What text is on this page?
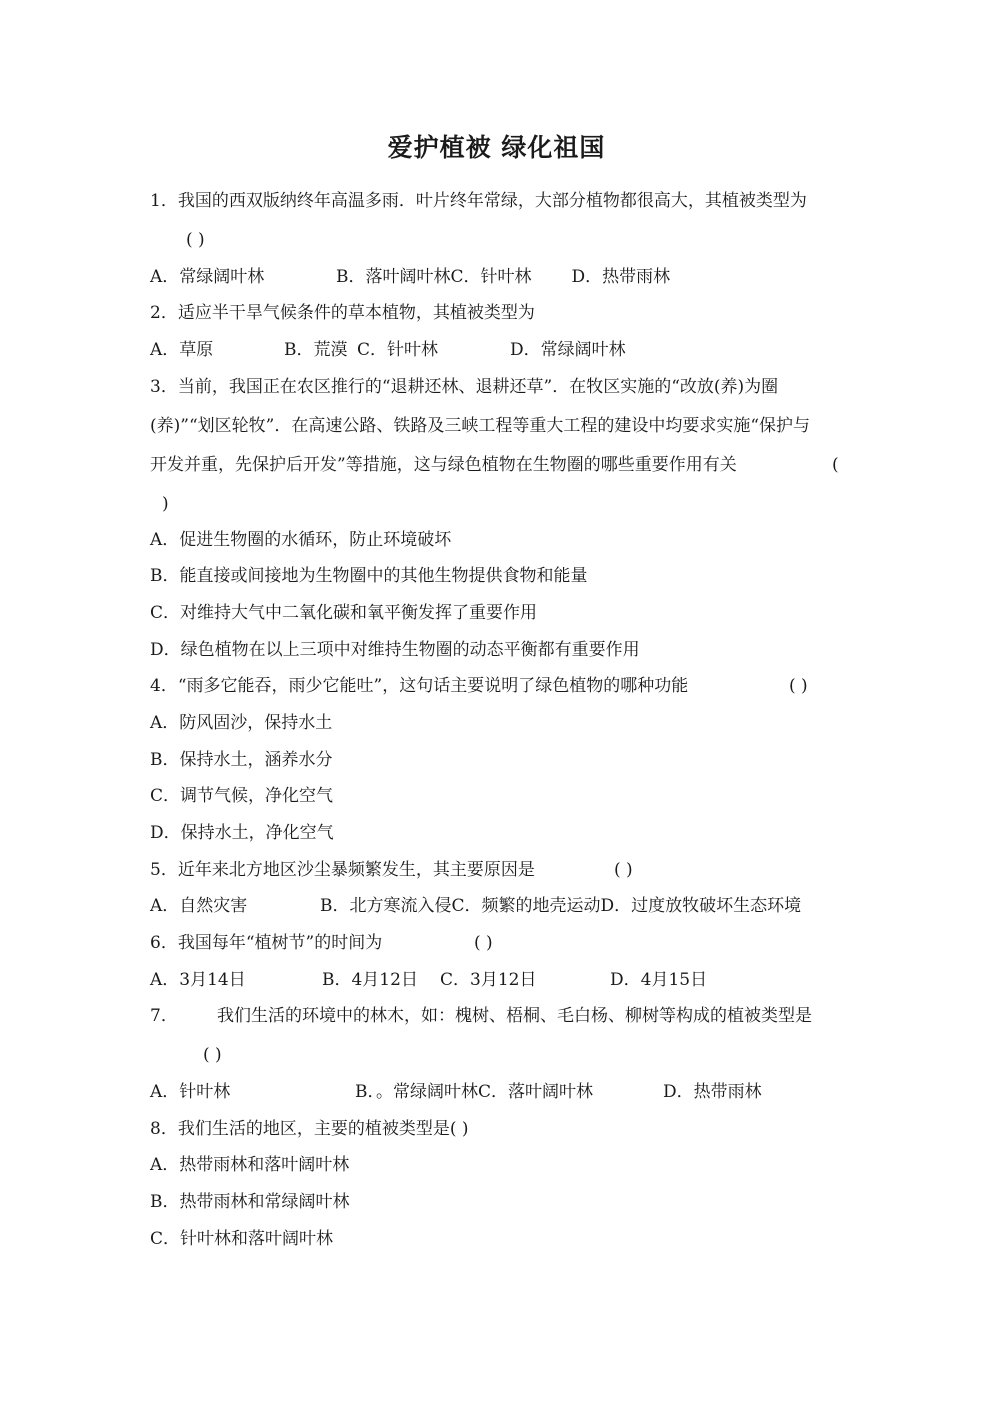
爱护植被 绿化祖国
1．我国的西双版纳终年高温多雨．叶片终年常绿，大部分植物都很高大，其植被类型为
( )
A．常绿阔叶林	B．落叶阔叶林C．针叶林 D．热带雨林
2．适应半干旱气候条件的草本植物，其植被类型为
A．草原	B．荒漠 C．针叶林	D．常绿阔叶林
3．当前，我国正在农区推行的“退耕还林、退耕还草”．在牧区实施的“改放(养)为圈
(养)”“划区轮牧”．在高速公路、铁路及三峡工程等重大工程的建设中均要求实施“保护与
开发并重，先保护后开发”等措施，这与绿色植物在生物圈的哪些重要作用有关	(
)
A．促进生物圈的水循环，防止环境破坏
B．能直接或间接地为生物圈中的其他生物提供食物和能量
C．对维持大气中二氧化碳和氧平衡发挥了重要作用
D．绿色植物在以上三项中对维持生物圈的动态平衡都有重要作用
4．“雨多它能吞，雨少它能吐”，这句话主要说明了绿色植物的哪种功能	( )
A．防风固沙，保持水土
B．保持水土，涵养水分
C．调节气候，净化空气
D．保持水土，净化空气
5．近年来北方地区沙尘暴频繁发生，其主要原因是	( )
A．自然灾害	B．北方寒流入侵C．频繁的地壳运动D．过度放牧破坏生态环境
6．我国每年“植树节”的时间为	( )
A．3月14日	B．4月12日 C．3月12日	D．4月15日
7． 我们生活的环境中的林木，如：槐树、梧桐、毛白杨、柳树等构成的植被类型是
( )
A．针叶林	B．。常绿阔叶林C．落叶阔叶林	D．热带雨林
8．我们生活的地区，主要的植被类型是( )
A．热带雨林和落叶阔叶林
B．热带雨林和常绿阔叶林
C．针叶林和落叶阔叶林
